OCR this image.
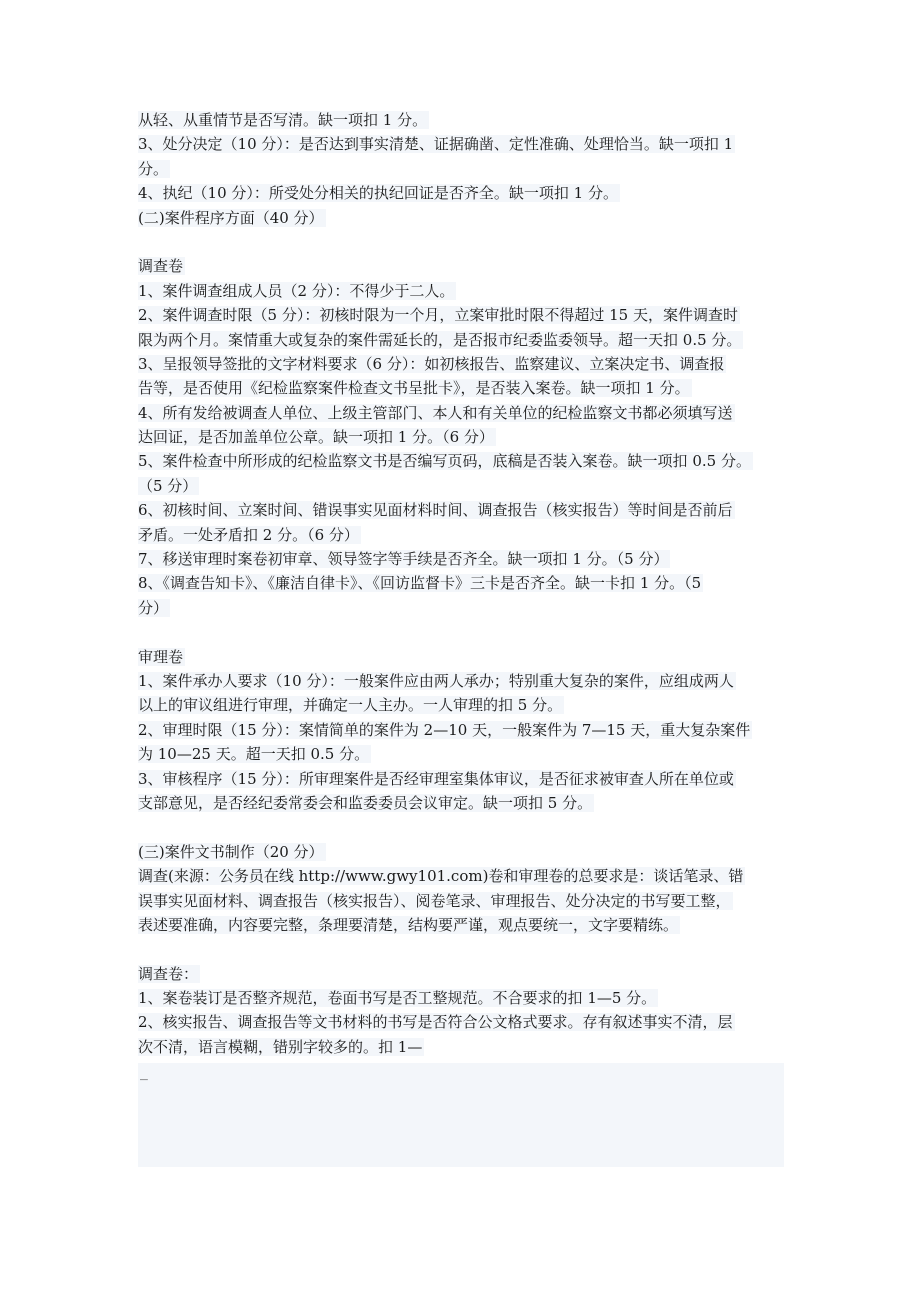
从轻、从重情节是否写清。缺一项扣 1 分。
3、处分决定（10 分）：是否达到事实清楚、证据确凿、定性准确、处理恰当。缺一项扣 1
分。
4、执纪（10 分）：所受处分相关的执纪回证是否齐全。缺一项扣 1 分。
(二)案件程序方面（40 分）
调查卷
1、案件调查组成人员（2 分）：不得少于二人。
2、案件调查时限（5 分）：初核时限为一个月，立案审批时限不得超过 15 天，案件调查时
限为两个月。案情重大或复杂的案件需延长的，是否报市纪委监委领导。超一天扣 0.5 分。
3、呈报领导签批的文字材料要求（6 分）：如初核报告、监察建议、立案决定书、调查报
告等，是否使用《纪检监察案件检查文书呈批卡》，是否装入案卷。缺一项扣 1 分。
4、所有发给被调查人单位、上级主管部门、本人和有关单位的纪检监察文书都必须填写送
达回证，是否加盖单位公章。缺一项扣 1 分。（6 分）
5、案件检查中所形成的纪检监察文书是否编写页码，底稿是否装入案卷。缺一项扣 0.5 分。
（5 分）
6、初核时间、立案时间、错误事实见面材料时间、调查报告（核实报告）等时间是否前后
矛盾。一处矛盾扣 2 分。（6 分）
7、移送审理时案卷初审章、领导签字等手续是否齐全。缺一项扣 1 分。（5 分）
8、《调查告知卡》、《廉洁自律卡》、《回访监督卡》三卡是否齐全。缺一卡扣 1 分。（5
分）
审理卷
1、案件承办人要求（10 分）：一般案件应由两人承办；特别重大复杂的案件，应组成两人
以上的审议组进行审理，并确定一人主办。一人审理的扣 5 分。
2、审理时限（15 分）：案情简单的案件为 2—10 天，一般案件为 7—15 天，重大复杂案件
为 10—25 天。超一天扣 0.5 分。
3、审核程序（15 分）：所审理案件是否经审理室集体审议，是否征求被审查人所在单位或
支部意见，是否经纪委常委会和监委委员会议审定。缺一项扣 5 分。
(三)案件文书制作（20 分）
调查(来源：公务员在线 http://www.gwy101.com)卷和审理卷的总要求是：谈话笔录、错
误事实见面材料、调查报告（核实报告）、阅卷笔录、审理报告、处分决定的书写要工整，
表述要准确，内容要完整，条理要清楚，结构要严谨，观点要统一，文字要精练。
调查卷：
1、案卷装订是否整齐规范，卷面书写是否工整规范。不合要求的扣 1—5 分。
2、核实报告、调查报告等文书材料的书写是否符合公文格式要求。存有叙述事实不清，层
次不清，语言模糊，错别字较多的。扣 1—
_
